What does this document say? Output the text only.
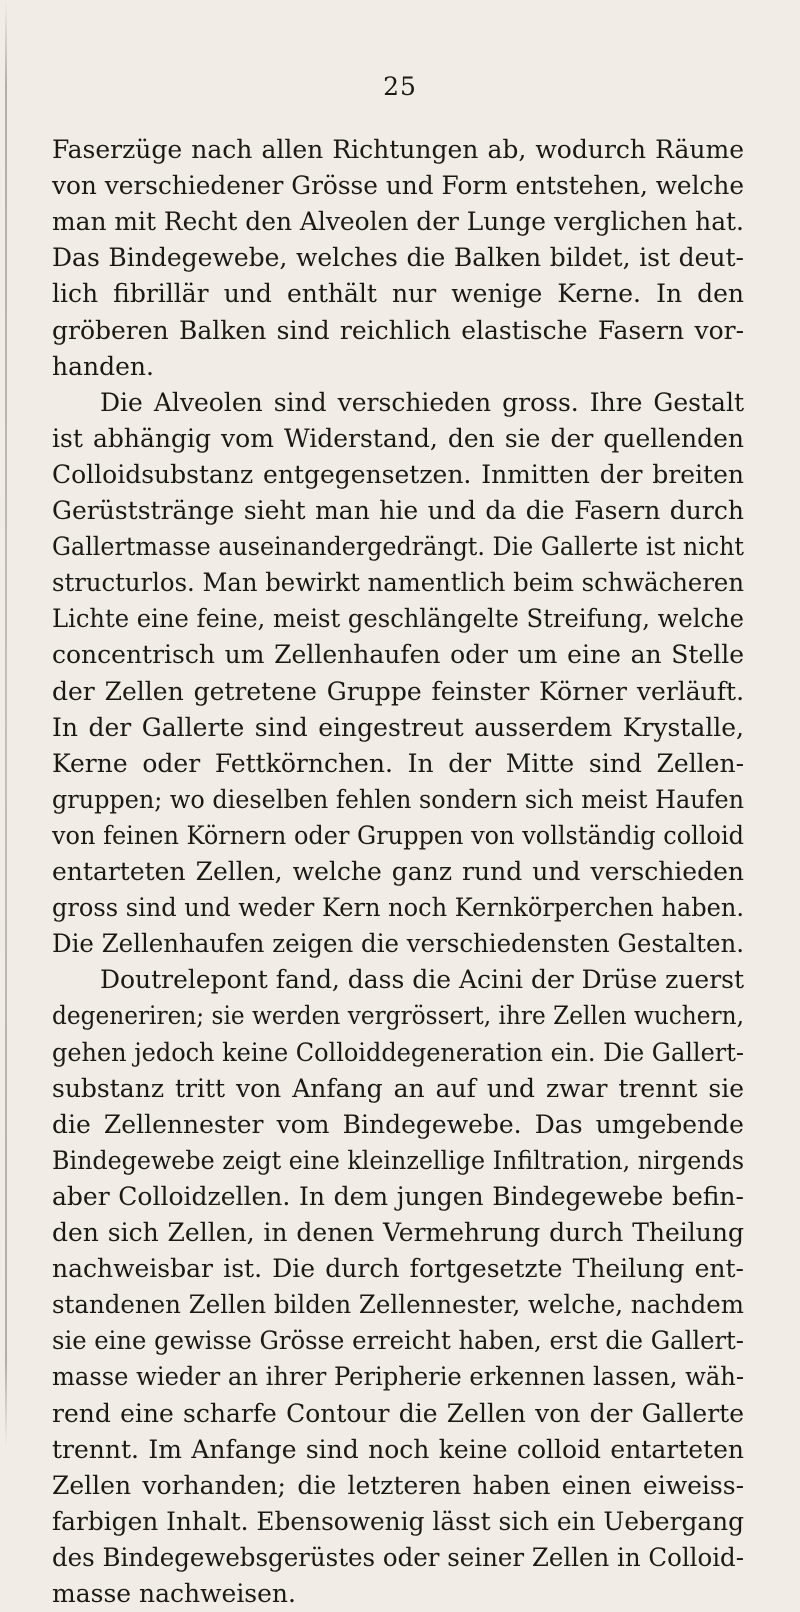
25
Faserzüge nach allen Richtungen ab, wodurch Räume
von verschiedener Grösse und Form entstehen, welche
man mit Recht den Alveolen der Lunge verglichen hat.
Das Bindegewebe, welches die Balken bildet, ist deut-
lich fibrillär und enthält nur wenige Kerne. In den
gröberen Balken sind reichlich elastische Fasern vor-
handen.
Die Alveolen sind verschieden gross. Ihre Gestalt
ist abhängig vom Widerstand, den sie der quellenden
Colloidsubstanz entgegensetzen. Inmitten der breiten
Gerüststränge sieht man hie und da die Fasern durch
Gallertmasse auseinandergedrängt. Die Gallerte ist nicht
structurlos. Man bewirkt namentlich beim schwächeren
Lichte eine feine, meist geschlängelte Streifung, welche
concentrisch um Zellenhaufen oder um eine an Stelle
der Zellen getretene Gruppe feinster Körner verläuft.
In der Gallerte sind eingestreut ausserdem Krystalle,
Kerne oder Fettkörnchen. In der Mitte sind Zellen-
gruppen; wo dieselben fehlen sondern sich meist Haufen
von feinen Körnern oder Gruppen von vollständig colloid
entarteten Zellen, welche ganz rund und verschieden
gross sind und weder Kern noch Kernkörperchen haben.
Die Zellenhaufen zeigen die verschiedensten Gestalten.
Doutrelepont fand, dass die Acini der Drüse zuerst
degeneriren; sie werden vergrössert, ihre Zellen wuchern,
gehen jedoch keine Colloiddegeneration ein. Die Gallert-
substanz tritt von Anfang an auf und zwar trennt sie
die Zellennester vom Bindegewebe. Das umgebende
Bindegewebe zeigt eine kleinzellige Infiltration, nirgends
aber Colloidzellen. In dem jungen Bindegewebe befin-
den sich Zellen, in denen Vermehrung durch Theilung
nachweisbar ist. Die durch fortgesetzte Theilung ent-
standenen Zellen bilden Zellennester, welche, nachdem
sie eine gewisse Grösse erreicht haben, erst die Gallert-
masse wieder an ihrer Peripherie erkennen lassen, wäh-
rend eine scharfe Contour die Zellen von der Gallerte
trennt. Im Anfange sind noch keine colloid entarteten
Zellen vorhanden; die letzteren haben einen eiweiss-
farbigen Inhalt. Ebensowenig lässt sich ein Uebergang
des Bindegewebsgerüstes oder seiner Zellen in Colloid-
masse nachweisen.
